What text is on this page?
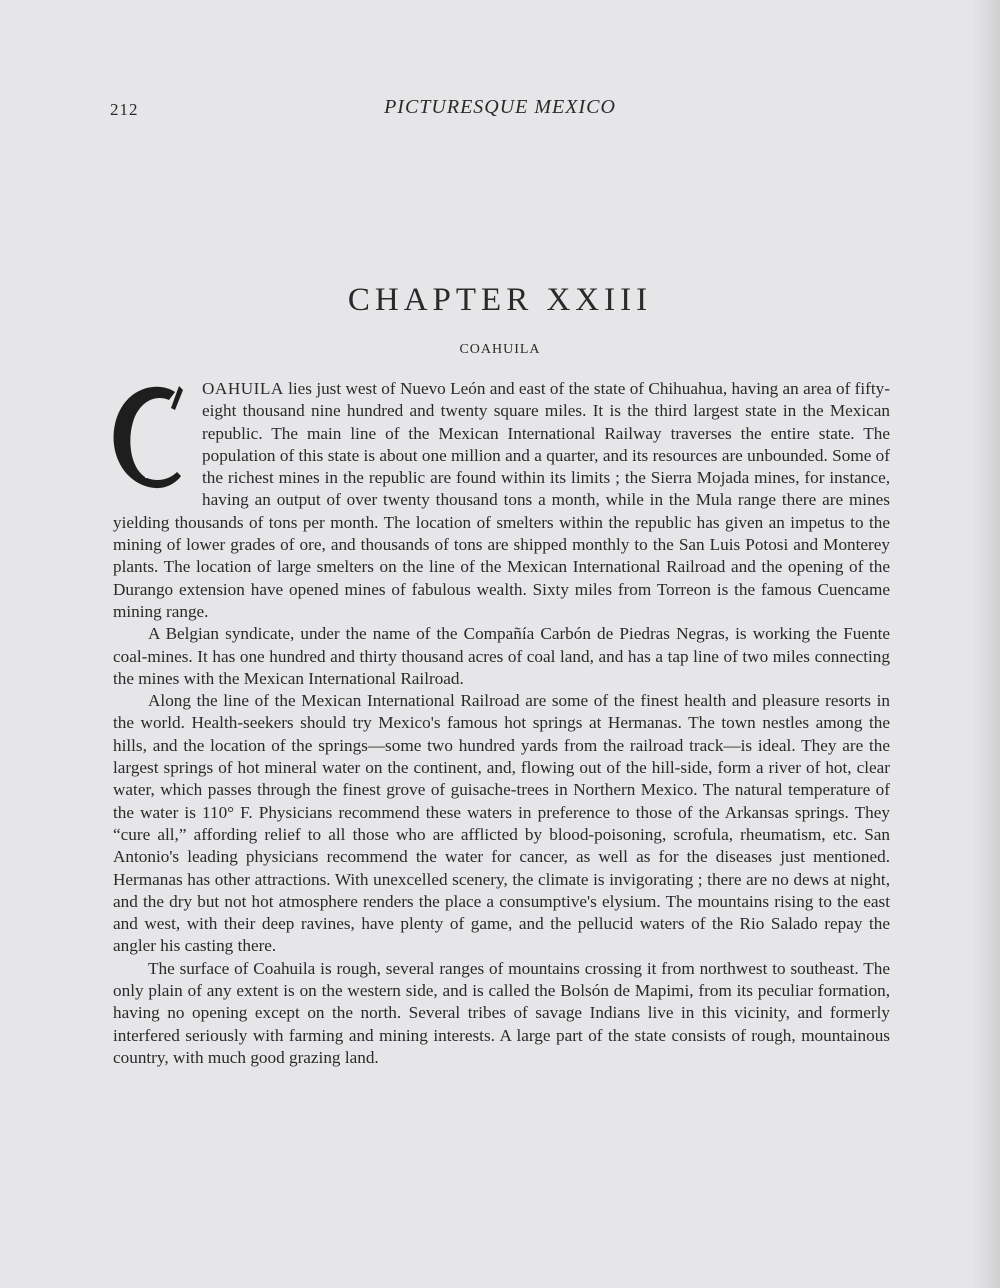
212	PICTURESQUE MEXICO
CHAPTER XXIII
COAHUILA

OAHUILA lies just west of Nuevo León and east of the state of Chihuahua, having an area of fifty-eight thousand nine hundred and twenty square miles. It is the third largest state in the Mexican republic. The main line of the Mexican International Railway traverses the entire state. The population of this state is about one million and a quarter, and its resources are unbounded. Some of the richest mines in the republic are found within its limits ; the Sierra Mojada mines, for instance, having an output of over twenty thousand tons a month, while in the Mula range there are mines yielding thousands of tons per month. The location of smelters within the republic has given an impetus to the mining of lower grades of ore, and thousands of tons are shipped monthly to the San Luis Potosi and Monterey plants. The location of large smelters on the line of the Mexican International Railroad and the opening of the Durango extension have opened mines of fabulous wealth. Sixty miles from Torreon is the famous Cuencame mining range.

A Belgian syndicate, under the name of the Compañía Carbón de Piedras Negras, is working the Fuente coal-mines. It has one hundred and thirty thousand acres of coal land, and has a tap line of two miles connecting the mines with the Mexican International Railroad.

Along the line of the Mexican International Railroad are some of the finest health and pleasure resorts in the world. Health-seekers should try Mexico's famous hot springs at Hermanas. The town nestles among the hills, and the location of the springs—some two hundred yards from the railroad track—is ideal. They are the largest springs of hot mineral water on the continent, and, flowing out of the hill-side, form a river of hot, clear water, which passes through the finest grove of guisache-trees in Northern Mexico. The natural temperature of the water is 110° F. Physicians recommend these waters in preference to those of the Arkansas springs. They “cure all,” affording relief to all those who are afflicted by blood-poisoning, scrofula, rheumatism, etc. San Antonio's leading physicians recommend the water for cancer, as well as for the diseases just mentioned. Hermanas has other attractions. With unexcelled scenery, the climate is invigorating ; there are no dews at night, and the dry but not hot atmosphere renders the place a consumptive's elysium. The mountains rising to the east and west, with their deep ravines, have plenty of game, and the pellucid waters of the Rio Salado repay the angler his casting there.

The surface of Coahuila is rough, several ranges of mountains crossing it from northwest to southeast. The only plain of any extent is on the western side, and is called the Bolsón de Mapimi, from its peculiar formation, having no opening except on the north. Several tribes of savage Indians live in this vicinity, and formerly interfered seriously with farming and mining interests. A large part of the state consists of rough, mountainous country, with much good grazing land.
